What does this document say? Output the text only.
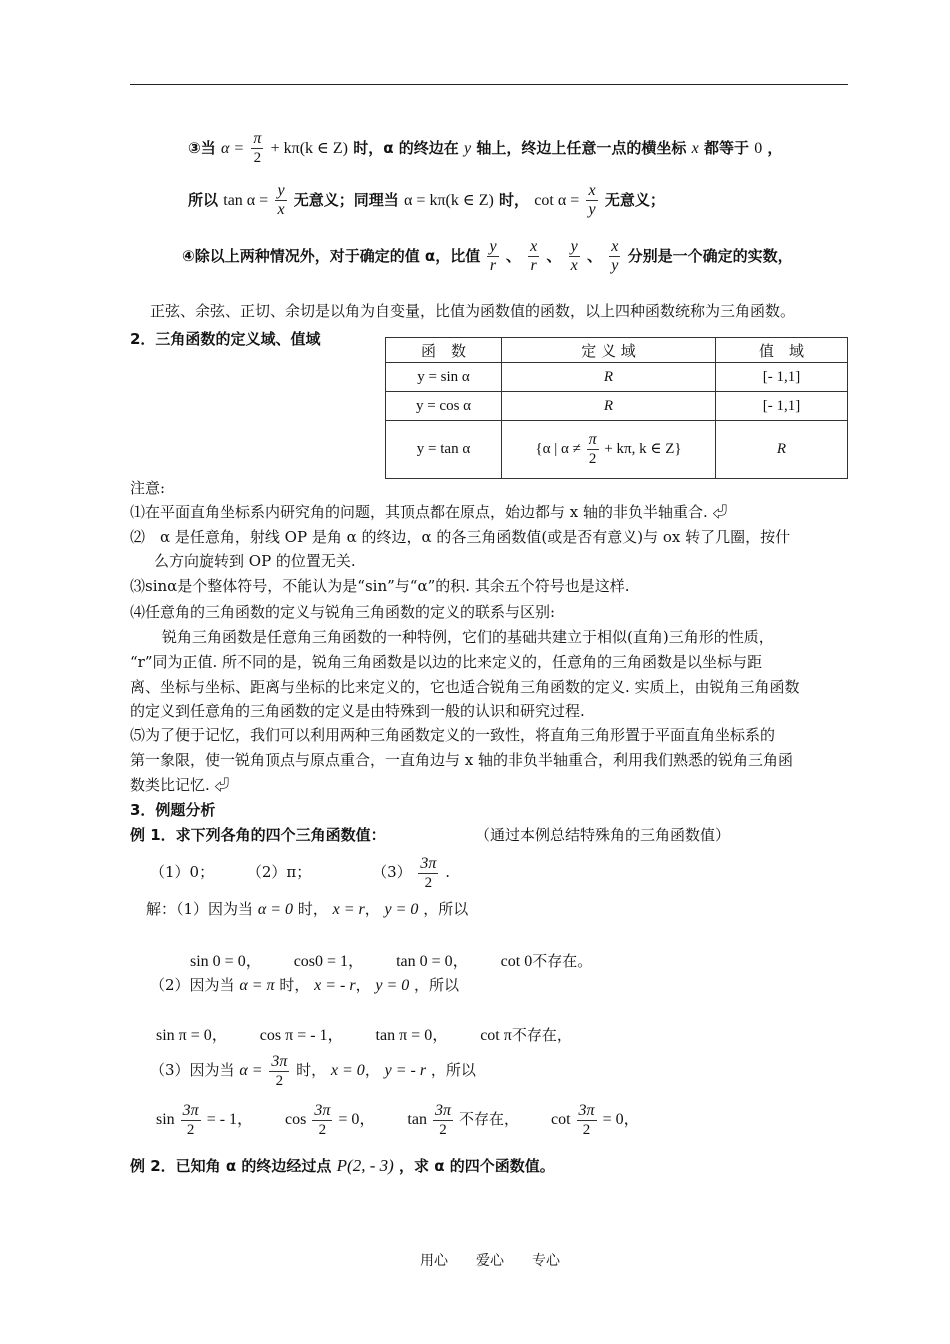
③当 $\alpha = \frac{\pi}{2} + k\pi(k$ ∈ Z) 时，α 的终边在 y 轴上，终边上任意一点的横坐标 x 都等于 0 ，
所以 $\tan \alpha = \frac{y}{x}$ 无意义；同理当 α = kπ(k ∈ Z) 时， $\cot \alpha = \frac{x}{y}$ 无意义；
④除以上两种情况外，对于确定的值 α，比值 $\frac{y}{r}$ 、 $\frac{x}{r}$ 、 $\frac{y}{x}$ 、 $\frac{x}{y}$ 分别是一个确定的实数，
正弦、余弦、正切、余切是以角为自变量，比值为函数值的函数，以上四种函数统称为三角函数。
2．三角函数的定义域、值域
函　数	定 义 域	值　域
y = sin α	R	[- 1,1]
y = cos α	R	[- 1,1]
y = tan α	{α | $\alpha \ne \frac{\pi}{2} + k\pi$, k ∈ Z}	R
注意:
⑴在平面直角坐标系内研究角的问题，其顶点都在原点，始边都与 x 轴的非负半轴重合. ⏎
⑵　α 是任意角，射线 OP 是角 α 的终边，α 的各三角函数值(或是否有意义)与 ox 转了几圈，按什
么方向旋转到 OP 的位置无关.
⑶sinα是个整体符号，不能认为是“sin”与“α”的积. 其余五个符号也是这样.
⑷任意角的三角函数的定义与锐角三角函数的定义的联系与区别:
锐角三角函数是任意角三角函数的一种特例，它们的基础共建立于相似(直角)三角形的性质，
“r”同为正值. 所不同的是，锐角三角函数是以边的比来定义的，任意角的三角函数是以坐标与距
离、坐标与坐标、距离与坐标的比来定义的，它也适合锐角三角函数的定义. 实质上，由锐角三角函数
的定义到任意角的三角函数的定义是由特殊到一般的认识和研究过程.
⑸为了便于记忆，我们可以利用两种三角函数定义的一致性，将直角三角形置于平面直角坐标系的
第一象限，使一锐角顶点与原点重合，一直角边与 x 轴的非负半轴重合，利用我们熟悉的锐角三角函
数类比记忆. ⏎
3．例题分析
例 1．求下列各角的四个三角函数值：	（通过本例总结特殊角的三角函数值）
（1）0； （2）π；	$(3) \frac{3\pi}{2}$ .
解：（1）因为当 α = 0 时， x = r， y = 0 ，所以
sin 0 = 0， cos0 = 1， tan 0 = 0， cot 0不存在。
（2）因为当 α = π 时， x = - r， y = 0 ，所以
sin π = 0， cos π = - 1， tan π = 0， cot π不存在，
（3）因为当 $\alpha = \frac{3\pi}{2}$ 时， x = 0， y = - r ，所以
$\sin \frac{3\pi}{2}$ = - 1， $\cos \frac{3\pi}{2} = 0$， $\tan \frac{3\pi}{2}$ 不存在， $\cot \frac{3\pi}{2} = 0$，
例 2．已知角 α 的终边经过点 P(2, - 3) ，求 α 的四个函数值。
用心　　爱心　　专心
